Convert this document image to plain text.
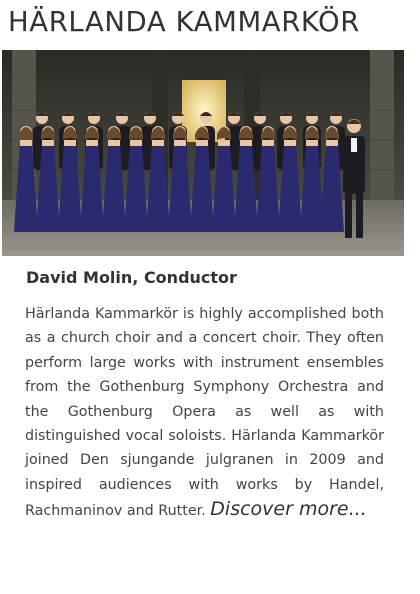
HÄRLANDA KAMMARKÖR
David Molin, Conductor
Härlanda Kammarkör is highly accomplished both as a church choir and a concert choir. They often perform large works with instrument ensembles from the Gothenburg Symphony Orchestra and the Gothenburg Opera as well as with distinguished vocal soloists. Härlanda Kammarkör joined Den sjungande julgranen in 2009 and inspired audiences with works by Handel, Rachmaninov and Rutter. Discover more...
